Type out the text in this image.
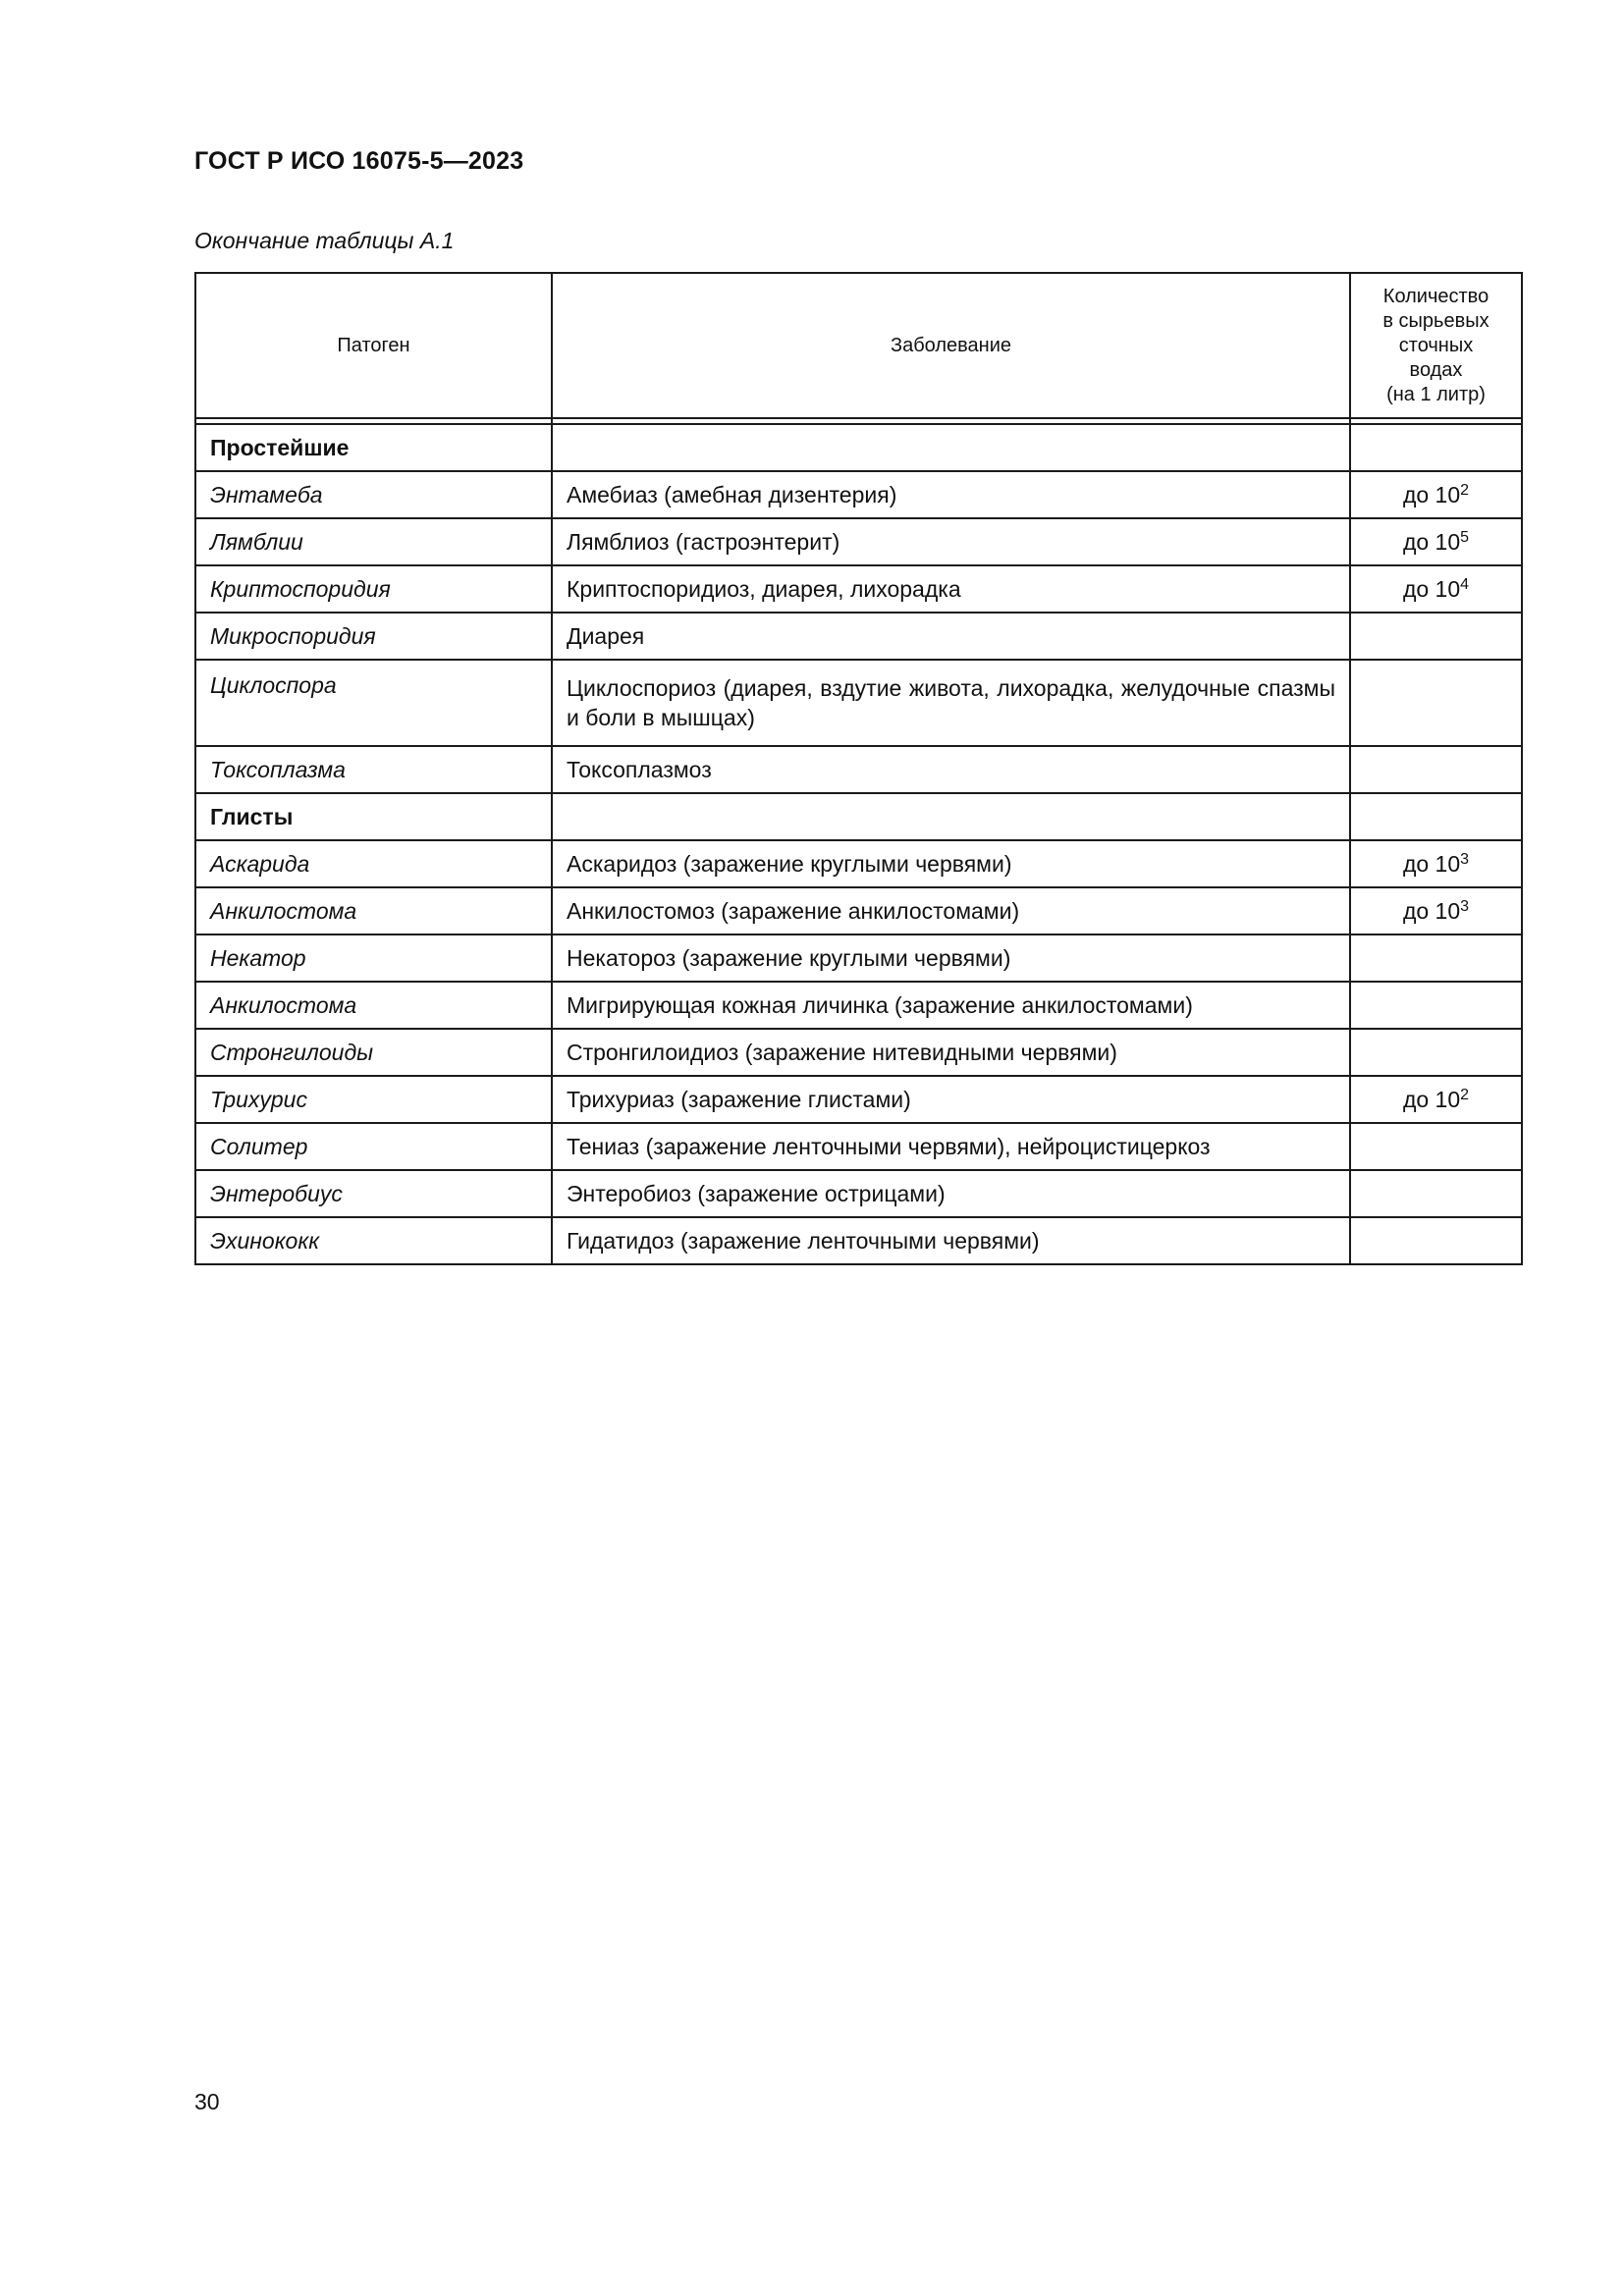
ГОСТ Р ИСО 16075-5—2023
Окончание таблицы А.1
Патоген	Заболевание	Количество
в сырьевых
сточных
водах
(на 1 литр)

Простейшие		
Энтамеба	Амебиаз (амебная дизентерия)	до $10^2$
Лямблии	Лямблиоз (гастроэнтерит)	до $10^5$
Криптоспоридия	Криптоспоридиоз, диарея, лихорадка	до $10^4$
Микроспоридия	Диарея	
Циклоспора	Циклоспориоз (диарея, вздутие живота, лихорадка, желудочные спазмы и боли в мышцах)	
Токсоплазма	Токсоплазмоз	
Глисты		
Аскарида	Аскаридоз (заражение круглыми червями)	до $10^3$
Анкилостома	Анкилостомоз (заражение анкилостомами)	до $10^3$
Некатор	Некатороз (заражение круглыми червями)	
Анкилостома	Мигрирующая кожная личинка (заражение анкилостомами)	
Стронгилоиды	Стронгилоидиоз (заражение нитевидными червями)	
Трихурис	Трихуриаз (заражение глистами)	до $10^2$
Солитер	Тениаз (заражение ленточными червями), нейроцистицеркоз	
Энтеробиус	Энтеробиоз (заражение острицами)	
Эхинококк	Гидатидоз (заражение ленточными червями)	
30
